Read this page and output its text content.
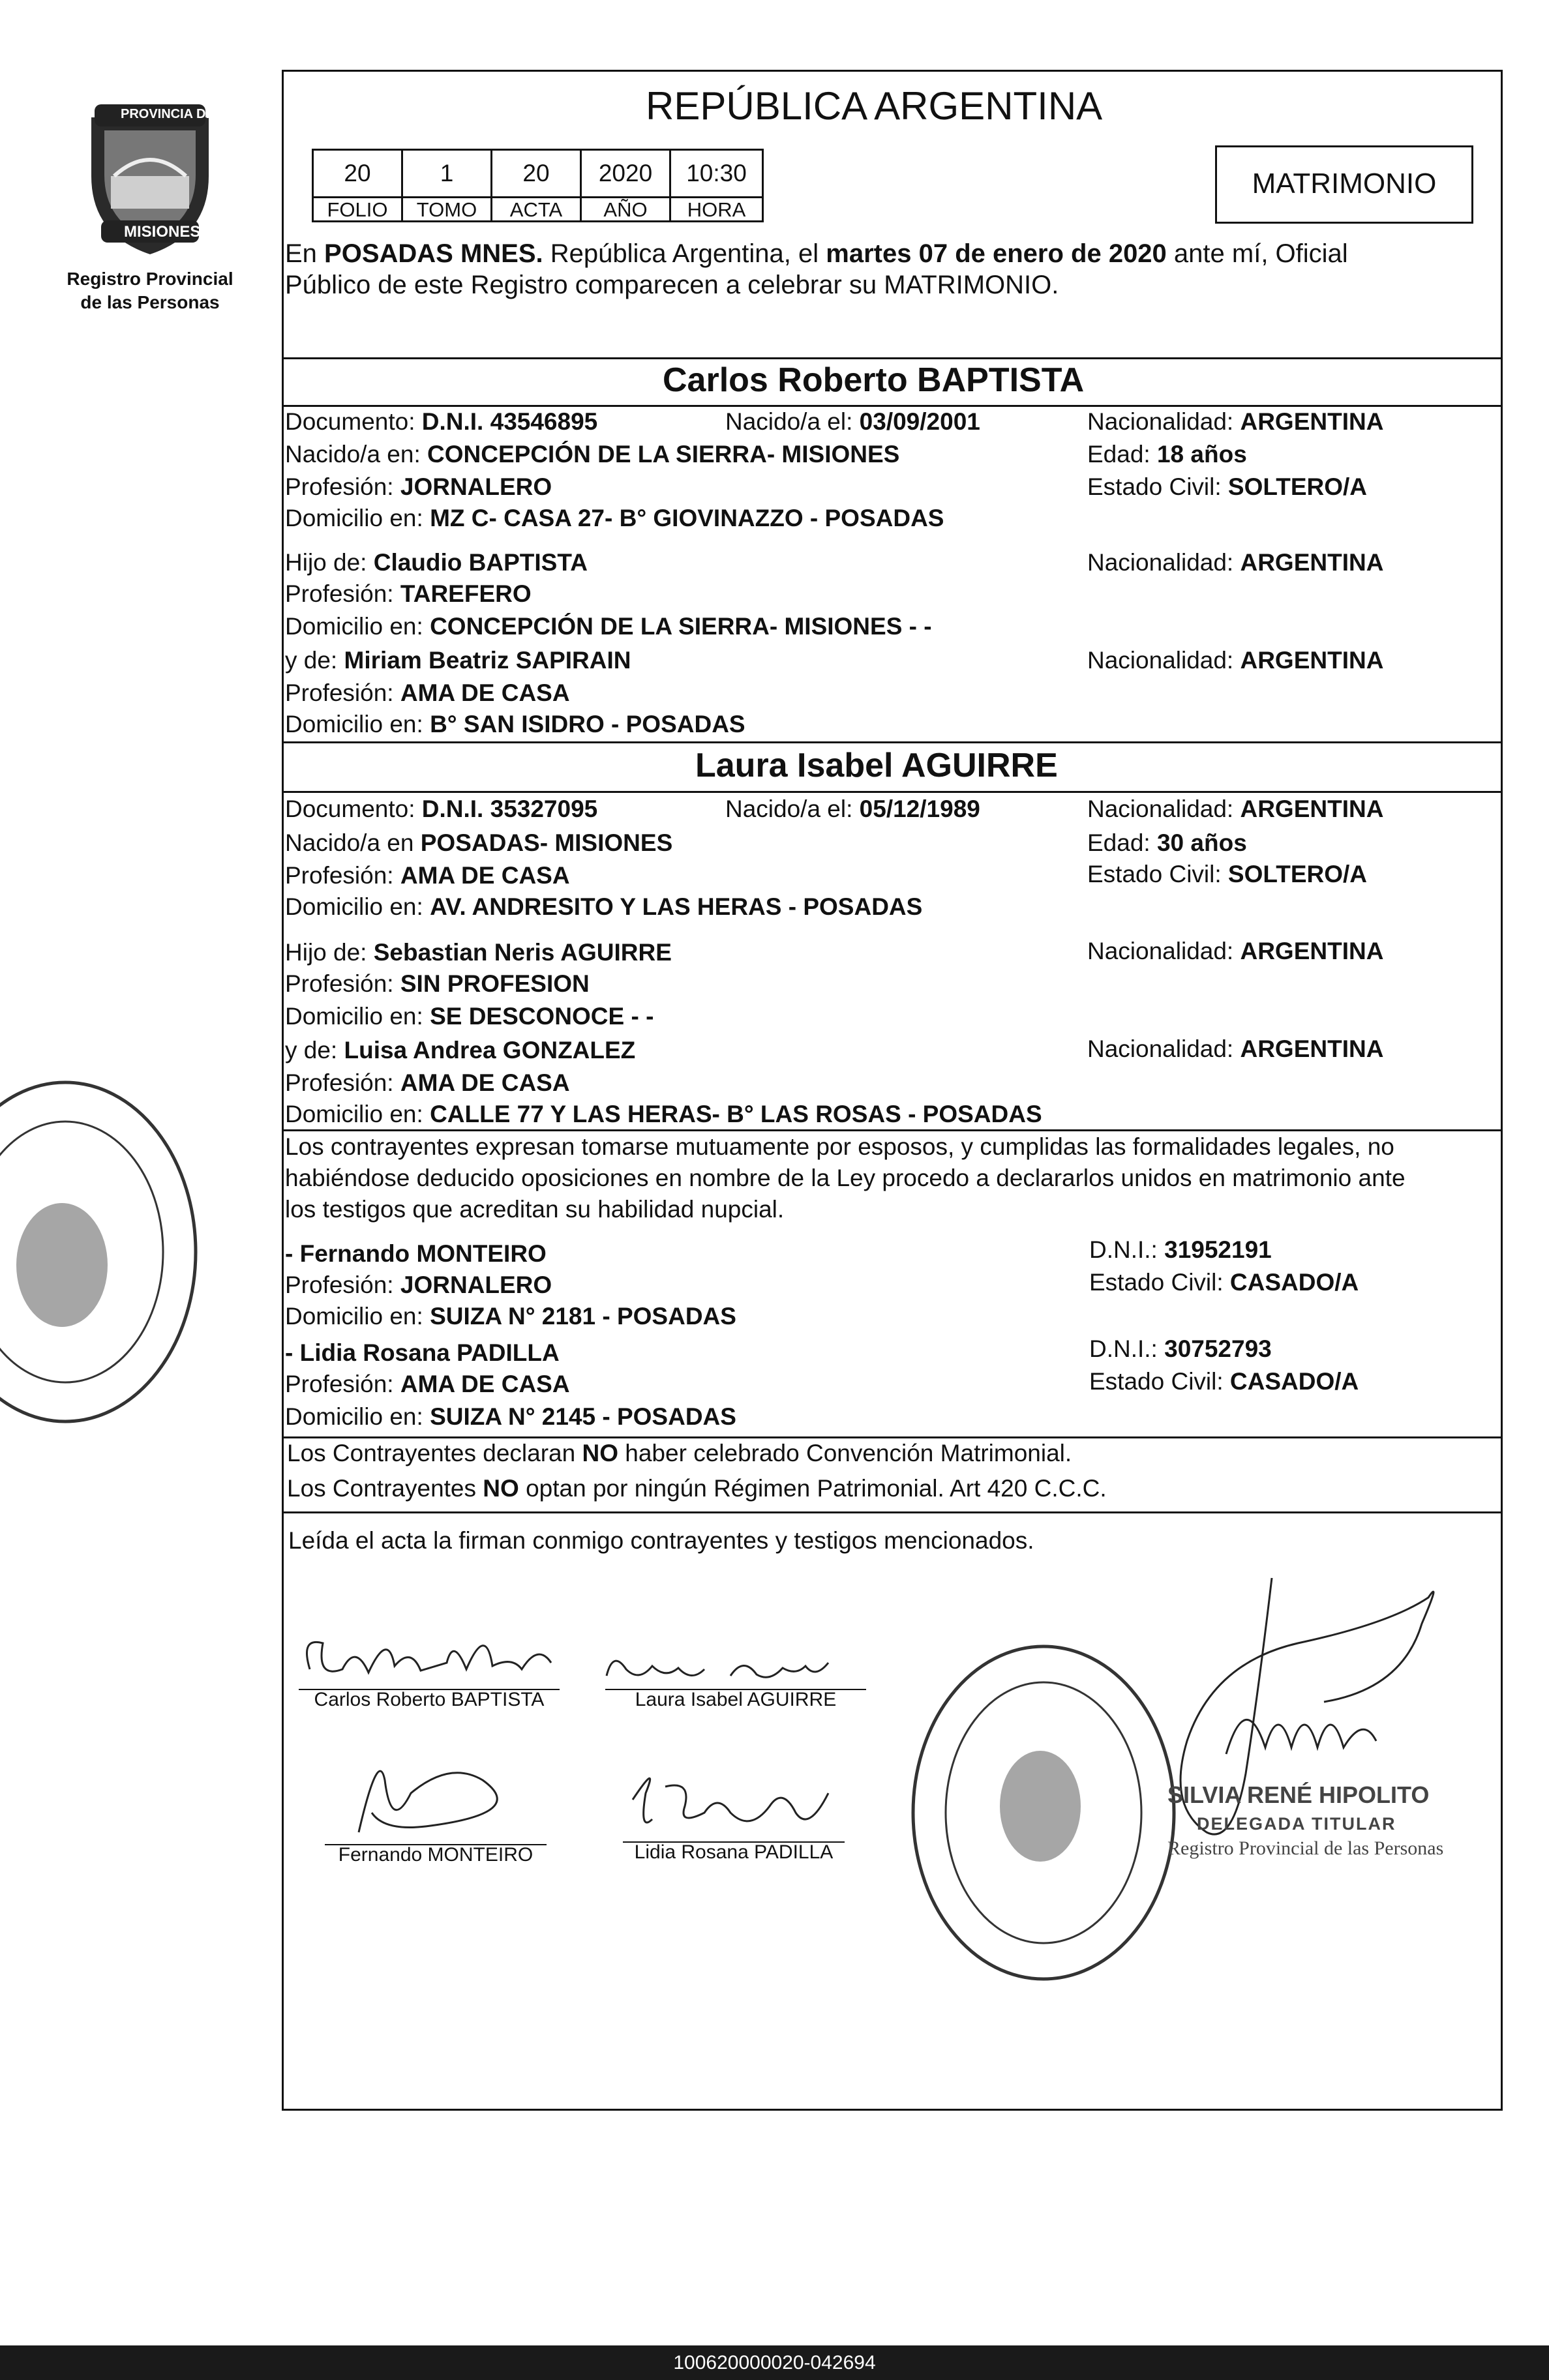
PROVINCIA DE
MISIONES
Registro Provincial
de las Personas
REPÚBLICA ARGENTINA
20	1	20	2020	10:30
FOLIO	TOMO	ACTA	AÑO	HORA
MATRIMONIO
En POSADAS MNES. República Argentina, el martes 07 de enero de 2020 ante mí, Oficial
Público de este Registro comparecen a celebrar su MATRIMONIO.
Carlos Roberto BAPTISTA
Documento: D.N.I. 43546895	Nacido/a el: 03/09/2001	Nacionalidad: ARGENTINA
Nacido/a en: CONCEPCIÓN DE LA SIERRA- MISIONES	Edad: 18 años
Profesión: JORNALERO	Estado Civil: SOLTERO/A
Domicilio en: MZ C- CASA 27- B° GIOVINAZZO - POSADAS
Hijo de: Claudio BAPTISTA	Nacionalidad: ARGENTINA
Profesión: TAREFERO
Domicilio en: CONCEPCIÓN DE LA SIERRA- MISIONES - -
y de: Miriam Beatriz SAPIRAIN	Nacionalidad: ARGENTINA
Profesión: AMA DE CASA
Domicilio en: B° SAN ISIDRO - POSADAS
Laura Isabel AGUIRRE
Documento: D.N.I. 35327095	Nacido/a el: 05/12/1989	Nacionalidad: ARGENTINA
Nacido/a en POSADAS- MISIONES	Edad: 30 años
Profesión: AMA DE CASA	Estado Civil: SOLTERO/A
Domicilio en: AV. ANDRESITO Y LAS HERAS - POSADAS
Hijo de: Sebastian Neris AGUIRRE	Nacionalidad: ARGENTINA
Profesión: SIN PROFESION
Domicilio en: SE DESCONOCE - -
y de: Luisa Andrea GONZALEZ	Nacionalidad: ARGENTINA
Profesión: AMA DE CASA
Domicilio en: CALLE 77 Y LAS HERAS- B° LAS ROSAS - POSADAS
Los contrayentes expresan tomarse mutuamente por esposos, y cumplidas las formalidades legales, no
habiéndose deducido oposiciones en nombre de la Ley procedo a declararlos unidos en matrimonio ante
los testigos que acreditan su habilidad nupcial.
- Fernando MONTEIRO	D.N.I.: 31952191
Profesión: JORNALERO	Estado Civil: CASADO/A
Domicilio en: SUIZA N° 2181 - POSADAS
- Lidia Rosana PADILLA	D.N.I.: 30752793
Profesión: AMA DE CASA	Estado Civil: CASADO/A
Domicilio en: SUIZA N° 2145 - POSADAS
Los Contrayentes declaran NO haber celebrado Convención Matrimonial.
Los Contrayentes NO optan por ningún Régimen Patrimonial. Art 420 C.C.C.
Leída el acta la firman conmigo contrayentes y testigos mencionados.
Carlos Roberto BAPTISTA	Laura Isabel AGUIRRE
Fernando MONTEIRO	Lidia Rosana PADILLA
SILVIA RENÉ HIPOLITO
DELEGADA TITULAR
Registro Provincial de las Personas
100620000020-042694
